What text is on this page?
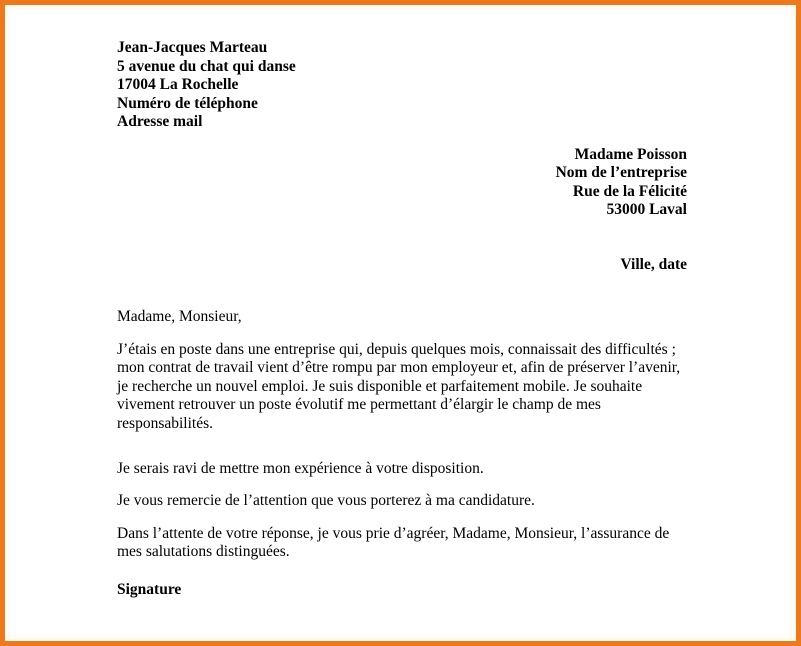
Jean-Jacques Marteau
5 avenue du chat qui danse
17004 La Rochelle
Numéro de téléphone
Adresse mail
Madame Poisson
Nom de l’entreprise
Rue de la Félicité
53000 Laval
Ville, date

Madame, Monsieur,

J’étais en poste dans une entreprise qui, depuis quelques mois, connaissait des difficultés ; mon contrat de travail vient d’être rompu par mon employeur et, afin de préserver l’avenir, je recherche un nouvel emploi. Je suis disponible et parfaitement mobile. Je souhaite vivement retrouver un poste évolutif me permettant d’élargir le champ de mes responsabilités.

Je serais ravi de mettre mon expérience à votre disposition.

Je vous remercie de l’attention que vous porterez à ma candidature.

Dans l’attente de votre réponse, je vous prie d’agréer, Madame, Monsieur, l’assurance de mes salutations distinguées.

Signature
